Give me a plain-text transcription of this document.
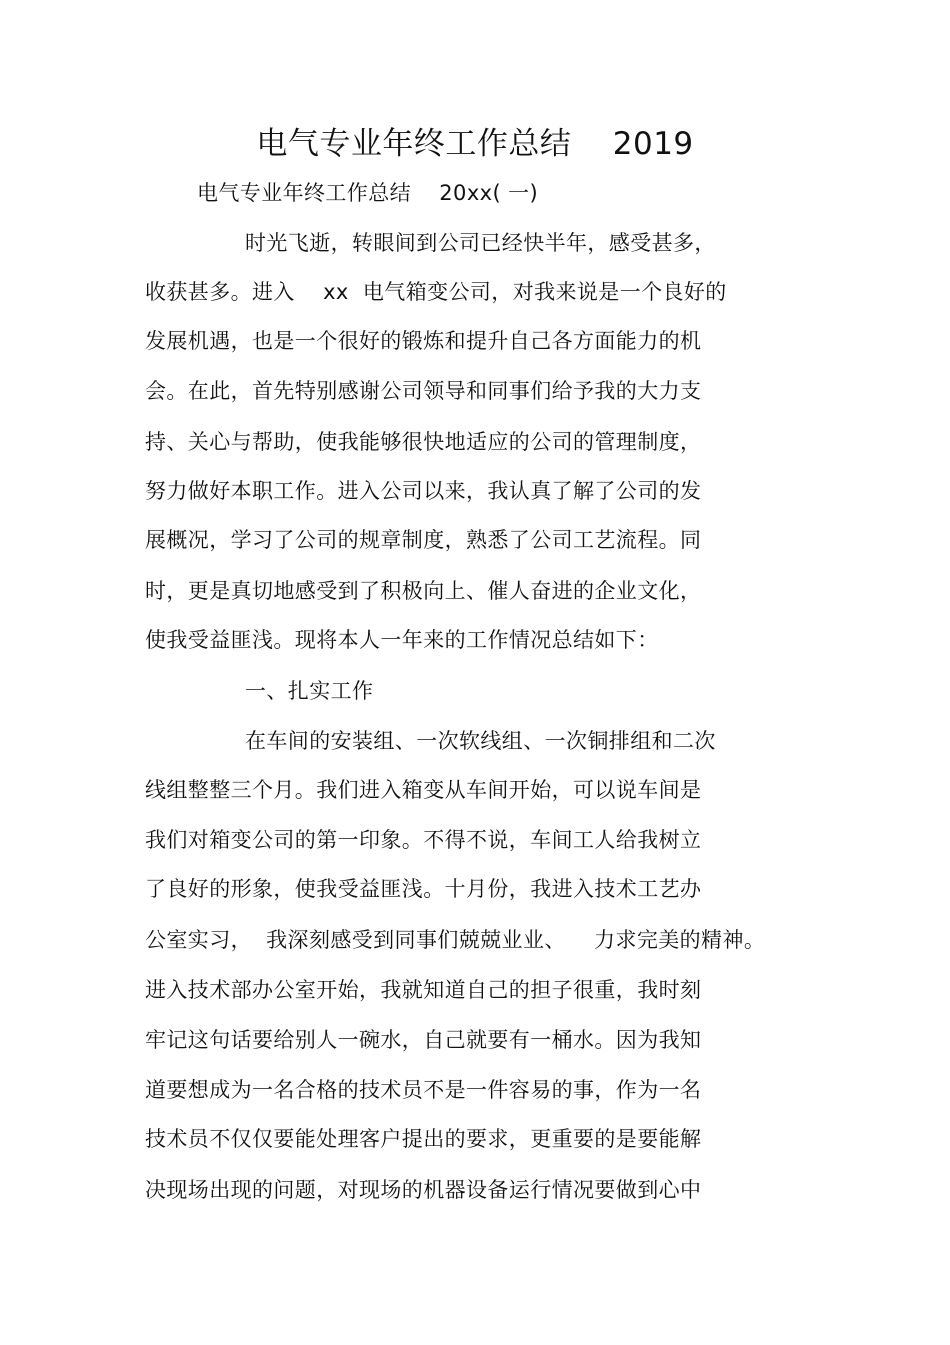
电气专业年终工作总结    2019
电气专业年终工作总结    20xx( 一)
时光飞逝，转眼间到公司已经快半年，感受甚多，
收获甚多。进入    xx  电气箱变公司，对我来说是一个良好的
发展机遇，也是一个很好的锻炼和提升自己各方面能力的机
会。在此，首先特别感谢公司领导和同事们给予我的大力支
持、关心与帮助，使我能够很快地适应的公司的管理制度，
努力做好本职工作。进入公司以来，我认真了解了公司的发
展概况，学习了公司的规章制度，熟悉了公司工艺流程。同
时，更是真切地感受到了积极向上、催人奋进的企业文化，
使我受益匪浅。现将本人一年来的工作情况总结如下：
一、扎实工作
在车间的安装组、一次软线组、一次铜排组和二次
线组整整三个月。我们进入箱变从车间开始，可以说车间是
我们对箱变公司的第一印象。不得不说，车间工人给我树立
了良好的形象，使我受益匪浅。十月份，我进入技术工艺办
公室实习，  我深刻感受到同事们兢兢业业、    力求完美的精神。
进入技术部办公室开始，我就知道自己的担子很重，我时刻
牢记这句话要给别人一碗水，自己就要有一桶水。因为我知
道要想成为一名合格的技术员不是一件容易的事，作为一名
技术员不仅仅要能处理客户提出的要求，更重要的是要能解
决现场出现的问题，对现场的机器设备运行情况要做到心中
